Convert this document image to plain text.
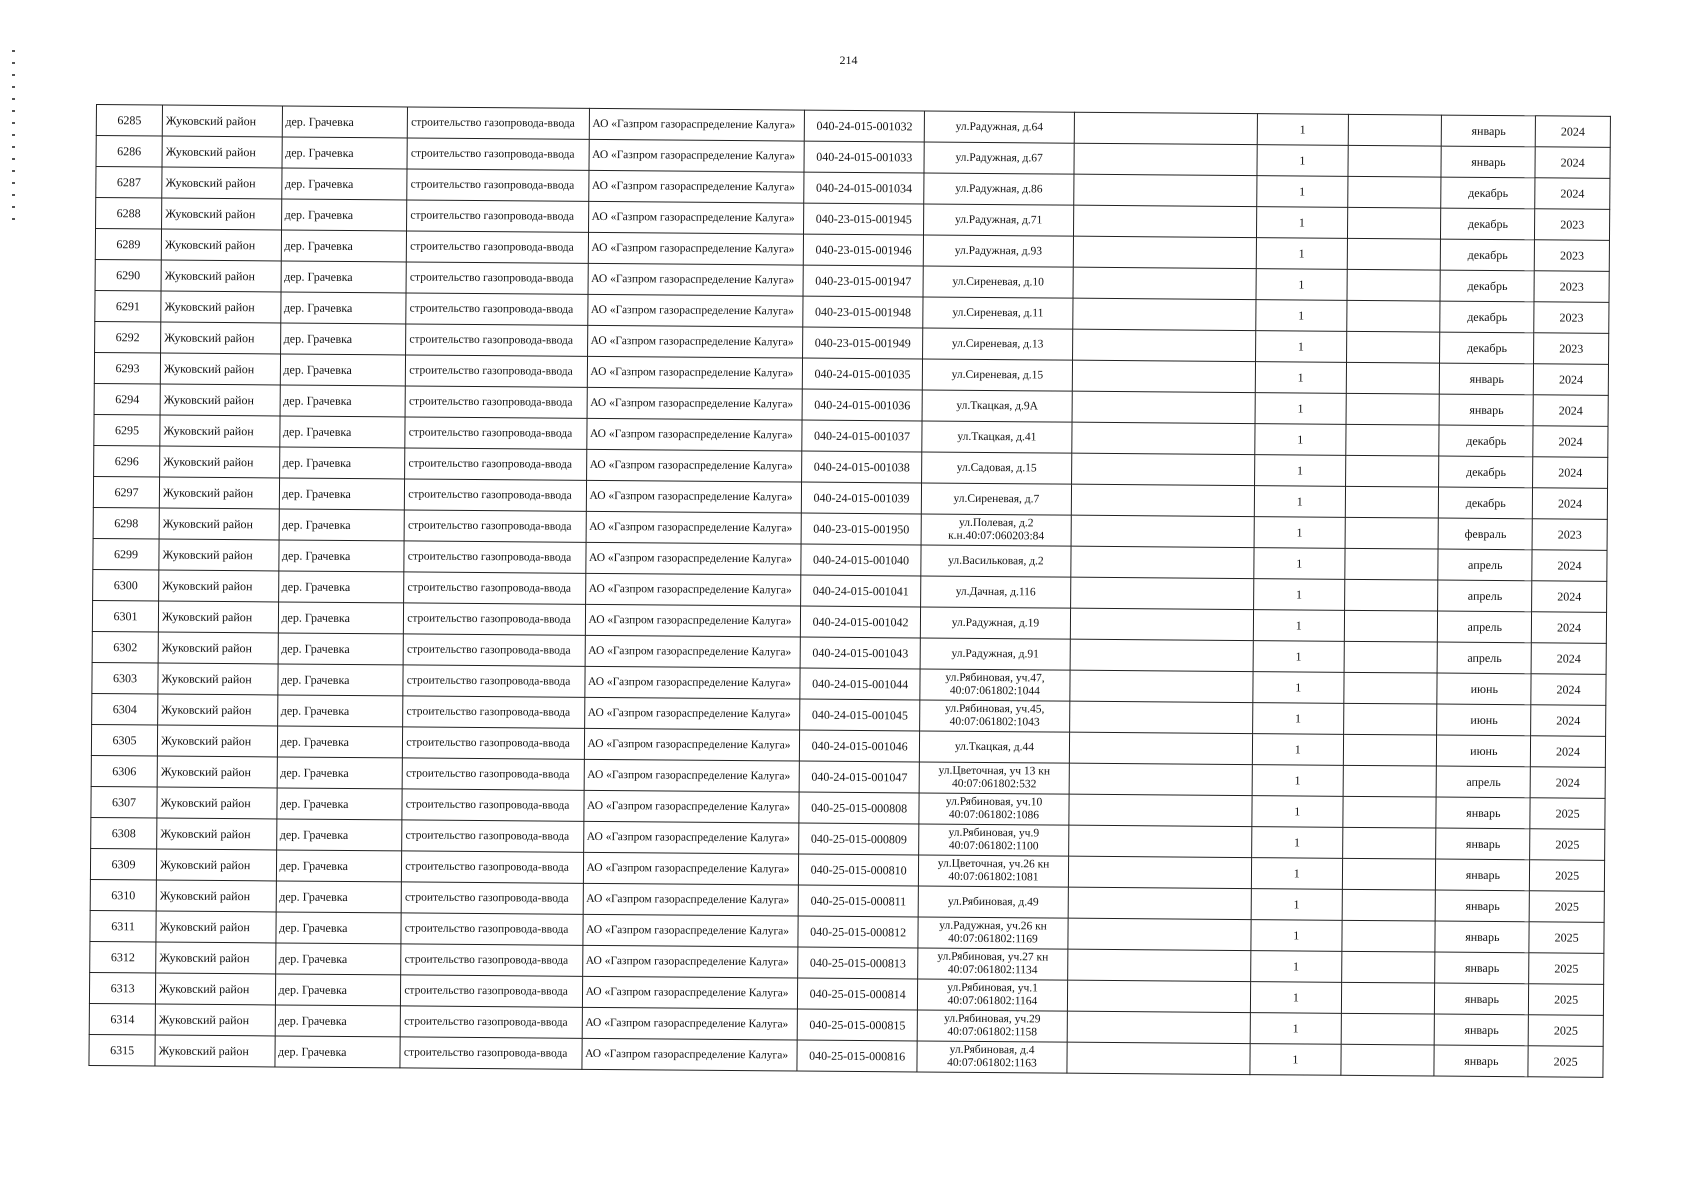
214
6285	Жуковский район	дер. Грачевка	строительство газопровода-ввода	АО «Газпром газораспределение Калуга»	040-24-015-001032	ул.Радужная, д.64		1		январь	2024
6286	Жуковский район	дер. Грачевка	строительство газопровода-ввода	АО «Газпром газораспределение Калуга»	040-24-015-001033	ул.Радужная, д.67		1		январь	2024
6287	Жуковский район	дер. Грачевка	строительство газопровода-ввода	АО «Газпром газораспределение Калуга»	040-24-015-001034	ул.Радужная, д.86		1		декабрь	2024
6288	Жуковский район	дер. Грачевка	строительство газопровода-ввода	АО «Газпром газораспределение Калуга»	040-23-015-001945	ул.Радужная, д.71		1		декабрь	2023
6289	Жуковский район	дер. Грачевка	строительство газопровода-ввода	АО «Газпром газораспределение Калуга»	040-23-015-001946	ул.Радужная, д.93		1		декабрь	2023
6290	Жуковский район	дер. Грачевка	строительство газопровода-ввода	АО «Газпром газораспределение Калуга»	040-23-015-001947	ул.Сиреневая, д.10		1		декабрь	2023
6291	Жуковский район	дер. Грачевка	строительство газопровода-ввода	АО «Газпром газораспределение Калуга»	040-23-015-001948	ул.Сиреневая, д.11		1		декабрь	2023
6292	Жуковский район	дер. Грачевка	строительство газопровода-ввода	АО «Газпром газораспределение Калуга»	040-23-015-001949	ул.Сиреневая, д.13		1		декабрь	2023
6293	Жуковский район	дер. Грачевка	строительство газопровода-ввода	АО «Газпром газораспределение Калуга»	040-24-015-001035	ул.Сиреневая, д.15		1		январь	2024
6294	Жуковский район	дер. Грачевка	строительство газопровода-ввода	АО «Газпром газораспределение Калуга»	040-24-015-001036	ул.Ткацкая, д.9А		1		январь	2024
6295	Жуковский район	дер. Грачевка	строительство газопровода-ввода	АО «Газпром газораспределение Калуга»	040-24-015-001037	ул.Ткацкая, д.41		1		декабрь	2024
6296	Жуковский район	дер. Грачевка	строительство газопровода-ввода	АО «Газпром газораспределение Калуга»	040-24-015-001038	ул.Садовая, д.15		1		декабрь	2024
6297	Жуковский район	дер. Грачевка	строительство газопровода-ввода	АО «Газпром газораспределение Калуга»	040-24-015-001039	ул.Сиреневая, д.7		1		декабрь	2024
6298	Жуковский район	дер. Грачевка	строительство газопровода-ввода	АО «Газпром газораспределение Калуга»	040-23-015-001950	ул.Полевая, д.2 к.н.40:07:060203:84		1		февраль	2023
6299	Жуковский район	дер. Грачевка	строительство газопровода-ввода	АО «Газпром газораспределение Калуга»	040-24-015-001040	ул.Васильковая, д.2		1		апрель	2024
6300	Жуковский район	дер. Грачевка	строительство газопровода-ввода	АО «Газпром газораспределение Калуга»	040-24-015-001041	ул.Дачная, д.116		1		апрель	2024
6301	Жуковский район	дер. Грачевка	строительство газопровода-ввода	АО «Газпром газораспределение Калуга»	040-24-015-001042	ул.Радужная, д.19		1		апрель	2024
6302	Жуковский район	дер. Грачевка	строительство газопровода-ввода	АО «Газпром газораспределение Калуга»	040-24-015-001043	ул.Радужная, д.91		1		апрель	2024
6303	Жуковский район	дер. Грачевка	строительство газопровода-ввода	АО «Газпром газораспределение Калуга»	040-24-015-001044	ул.Рябиновая, уч.47, 40:07:061802:1044		1		июнь	2024
6304	Жуковский район	дер. Грачевка	строительство газопровода-ввода	АО «Газпром газораспределение Калуга»	040-24-015-001045	ул.Рябиновая, уч.45, 40:07:061802:1043		1		июнь	2024
6305	Жуковский район	дер. Грачевка	строительство газопровода-ввода	АО «Газпром газораспределение Калуга»	040-24-015-001046	ул.Ткацкая, д.44		1		июнь	2024
6306	Жуковский район	дер. Грачевка	строительство газопровода-ввода	АО «Газпром газораспределение Калуга»	040-24-015-001047	ул.Цветочная, уч 13 кн 40:07:061802:532		1		апрель	2024
6307	Жуковский район	дер. Грачевка	строительство газопровода-ввода	АО «Газпром газораспределение Калуга»	040-25-015-000808	ул.Рябиновая, уч.10 40:07:061802:1086		1		январь	2025
6308	Жуковский район	дер. Грачевка	строительство газопровода-ввода	АО «Газпром газораспределение Калуга»	040-25-015-000809	ул.Рябиновая, уч.9 40:07:061802:1100		1		январь	2025
6309	Жуковский район	дер. Грачевка	строительство газопровода-ввода	АО «Газпром газораспределение Калуга»	040-25-015-000810	ул.Цветочная, уч.26 кн 40:07:061802:1081		1		январь	2025
6310	Жуковский район	дер. Грачевка	строительство газопровода-ввода	АО «Газпром газораспределение Калуга»	040-25-015-000811	ул.Рябиновая, д.49		1		январь	2025
6311	Жуковский район	дер. Грачевка	строительство газопровода-ввода	АО «Газпром газораспределение Калуга»	040-25-015-000812	ул.Радужная, уч.26 кн 40:07:061802:1169		1		январь	2025
6312	Жуковский район	дер. Грачевка	строительство газопровода-ввода	АО «Газпром газораспределение Калуга»	040-25-015-000813	ул.Рябиновая, уч.27 кн 40:07:061802:1134		1		январь	2025
6313	Жуковский район	дер. Грачевка	строительство газопровода-ввода	АО «Газпром газораспределение Калуга»	040-25-015-000814	ул.Рябиновая, уч.1 40:07:061802:1164		1		январь	2025
6314	Жуковский район	дер. Грачевка	строительство газопровода-ввода	АО «Газпром газораспределение Калуга»	040-25-015-000815	ул.Рябиновая, уч.29 40:07:061802:1158		1		январь	2025
6315	Жуковский район	дер. Грачевка	строительство газопровода-ввода	АО «Газпром газораспределение Калуга»	040-25-015-000816	ул.Рябиновая, д.4 40:07:061802:1163		1		январь	2025
